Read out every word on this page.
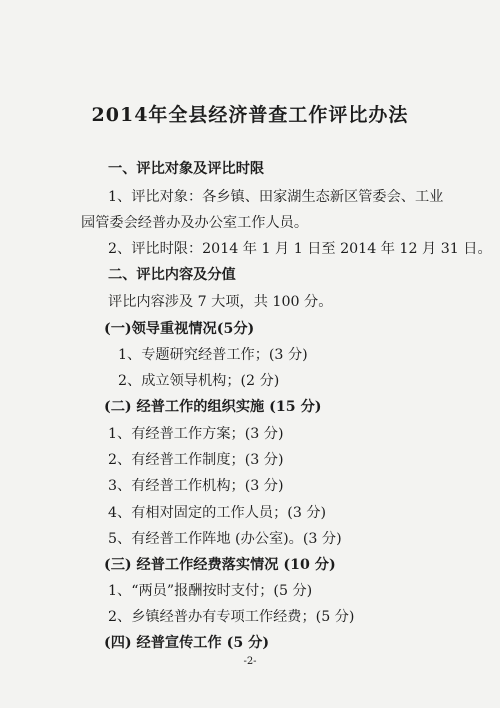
2014年全县经济普查工作评比办法
一、评比对象及评比时限
1、评比对象：各乡镇、田家湖生态新区管委会、工业
园管委会经普办及办公室工作人员。
2、评比时限：2014 年 1 月 1 日至 2014 年 12 月 31 日。
二、评比内容及分值
评比内容涉及 7 大项，共 100 分。
(一)领导重视情况(5分)
1、专题研究经普工作；(3 分)
2、成立领导机构；(2 分)
(二) 经普工作的组织实施 (15 分)
1、有经普工作方案；(3 分)
2、有经普工作制度；(3 分)
3、有经普工作机构；(3 分)
4、有相对固定的工作人员；(3 分)
5、有经普工作阵地 (办公室)。(3 分)
(三) 经普工作经费落实情况 (10 分)
1、“两员”报酬按时支付；(5 分)
2、乡镇经普办有专项工作经费；(5 分)
(四) 经普宣传工作 (5 分)
-2-
